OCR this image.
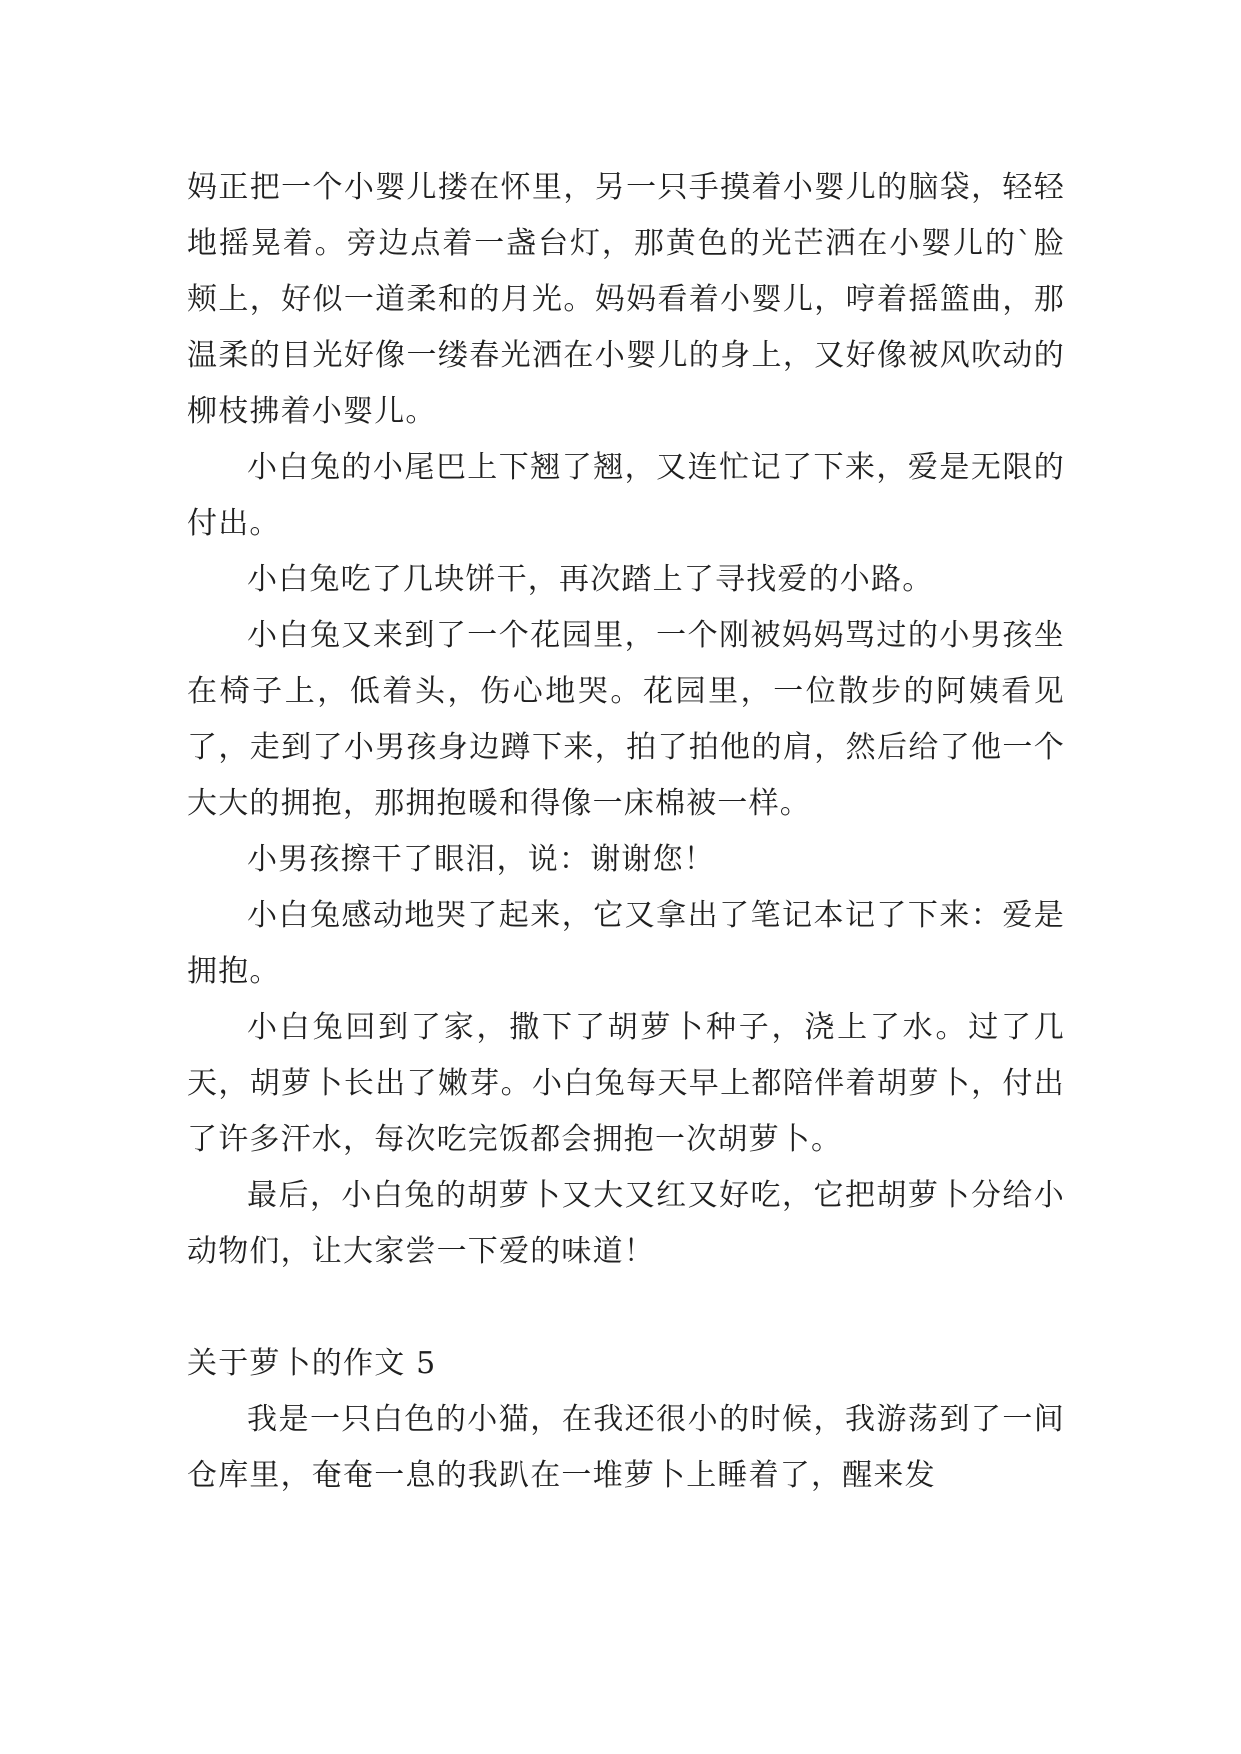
妈正把一个小婴儿搂在怀里，另一只手摸着小婴儿的脑袋，轻轻地摇晃着。旁边点着一盏台灯，那黄色的光芒洒在小婴儿的`脸颊上，好似一道柔和的月光。妈妈看着小婴儿，哼着摇篮曲，那温柔的目光好像一缕春光洒在小婴儿的身上，又好像被风吹动的柳枝拂着小婴儿。

小白兔的小尾巴上下翘了翘，又连忙记了下来，爱是无限的付出。

小白兔吃了几块饼干，再次踏上了寻找爱的小路。

小白兔又来到了一个花园里，一个刚被妈妈骂过的小男孩坐在椅子上，低着头，伤心地哭。花园里，一位散步的阿姨看见了，走到了小男孩身边蹲下来，拍了拍他的肩，然后给了他一个大大的拥抱，那拥抱暖和得像一床棉被一样。

小男孩擦干了眼泪，说：谢谢您！

小白兔感动地哭了起来，它又拿出了笔记本记了下来：爱是拥抱。

小白兔回到了家，撒下了胡萝卜种子，浇上了水。过了几天，胡萝卜长出了嫩芽。小白兔每天早上都陪伴着胡萝卜，付出了许多汗水，每次吃完饭都会拥抱一次胡萝卜。

最后，小白兔的胡萝卜又大又红又好吃，它把胡萝卜分给小动物们，让大家尝一下爱的味道！

关于萝卜的作文 5

我是一只白色的小猫，在我还很小的时候，我游荡到了一间仓库里，奄奄一息的我趴在一堆萝卜上睡着了，醒来发
